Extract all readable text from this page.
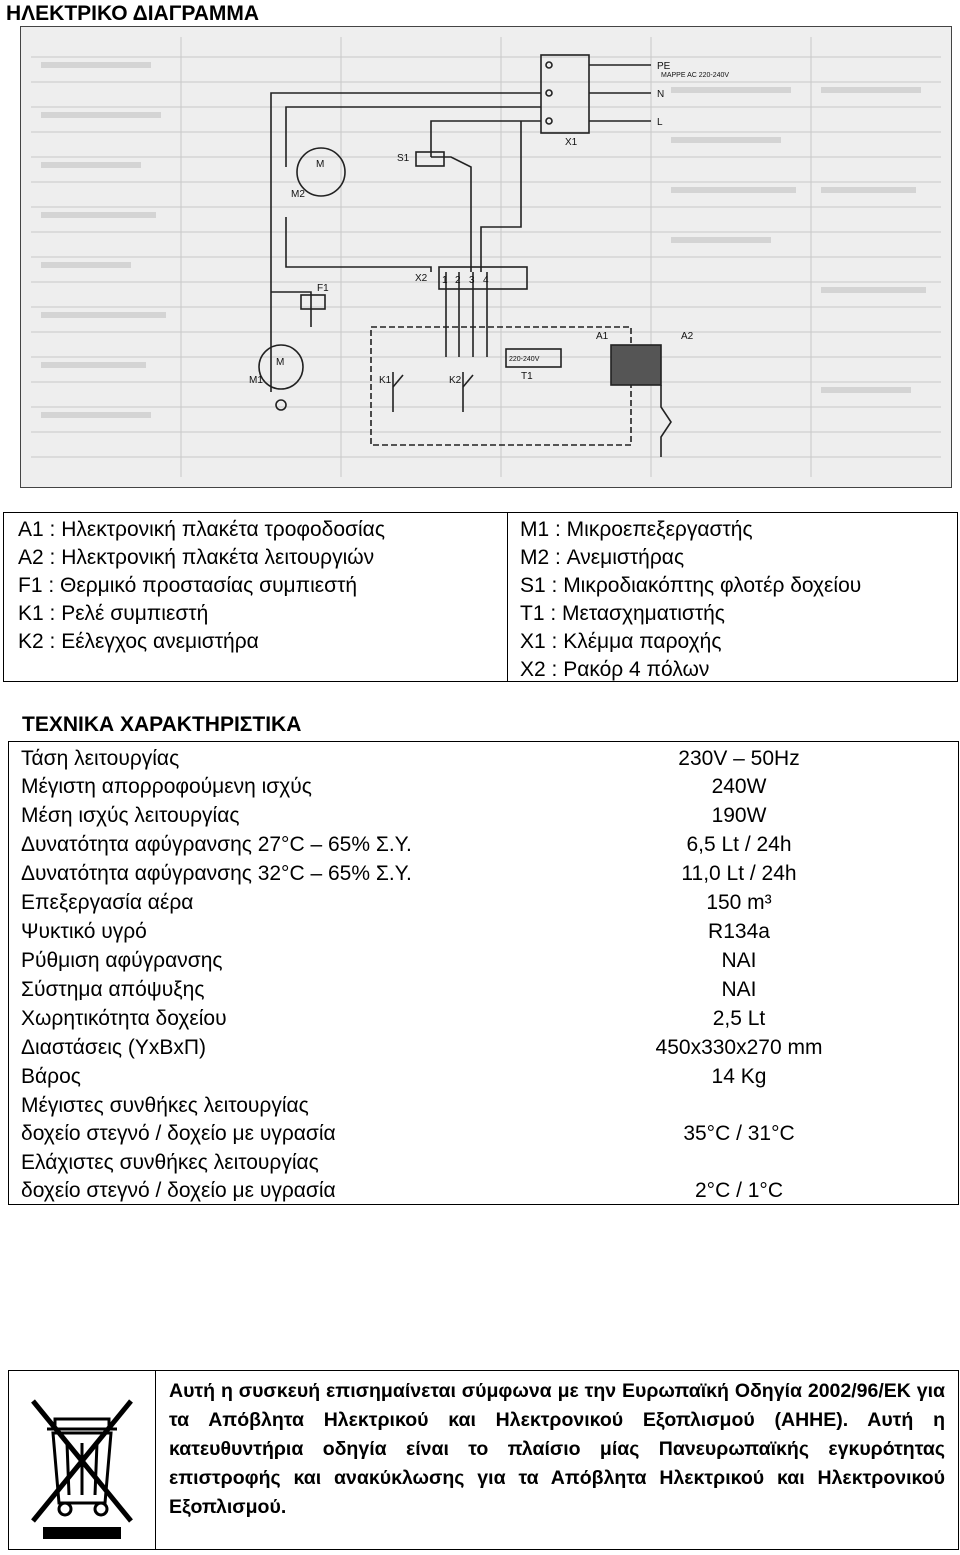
ΗΛΕΚΤΡΙΚΟ ΔΙΑΓΡΑΜΜΑ
PE
N
L
X1
S1
M
M2
X2 1 2 3 4
F1
M
M1
A1	A2
K1	K2	T1
220-240V
MAPPE AC 220-240V
A1 : Ηλεκτρονική πλακέτα τροφοδοσίας
A2 : Ηλεκτρονική πλακέτα λειτουργιών
F1 : Θερμικό προστασίας συμπιεστή
K1 : Ρελέ συμπιεστή
K2 : Εέλεγχος ανεμιστήρα
M1 : Μικροεπεξεργαστής
M2 : Ανεμιστήρας
S1 : Μικροδιακόπτης φλοτέρ δοχείου
T1 : Μετασχηματιστής
X1 : Κλέμμα παροχής
X2 : Ρακόρ 4 πόλων
ΤΕΧΝΙΚΑ ΧΑΡΑΚΤΗΡΙΣΤΙΚΑ
Τάση λειτουργίας	230V – 50Hz
Μέγιστη απορροφούμενη ισχύς	240W
Μέση ισχύς λειτουργίας	190W
Δυνατότητα αφύγρανσης 27°C – 65% Σ.Υ.	6,5 Lt / 24h
Δυνατότητα αφύγρανσης 32°C – 65% Σ.Υ.	11,0 Lt / 24h
Επεξεργασία αέρα	150 m³
Ψυκτικό υγρό	R134a
Ρύθμιση αφύγρανσης	ΝΑΙ
Σύστημα απόψυξης	ΝΑΙ
Χωρητικότητα δοχείου	2,5 Lt
Διαστάσεις (ΥxΒxΠ)	450x330x270 mm
Βάρος	14 Kg
Μέγιστες συνθήκες λειτουργίας
δοχείο στεγνό / δοχείο με υγρασία	35°C / 31°C
Ελάχιστες συνθήκες λειτουργίας
δοχείο στεγνό / δοχείο με υγρασία	2°C / 1°C
Αυτή η συσκευή επισημαίνεται σύμφωνα με την Ευρωπαϊκή Οδηγία 2002/96/ΕΚ για τα Απόβλητα Ηλεκτρικού και Ηλεκτρονικού Εξοπλισμού (ΑΗΗΕ). Αυτή η κατευθυντήρια οδηγία είναι το πλαίσιο μίας Πανευρωπαϊκής εγκυρότητας επιστροφής και ανακύκλωσης για τα Απόβλητα Ηλεκτρικού και Ηλεκτρονικού Εξοπλισμού.
